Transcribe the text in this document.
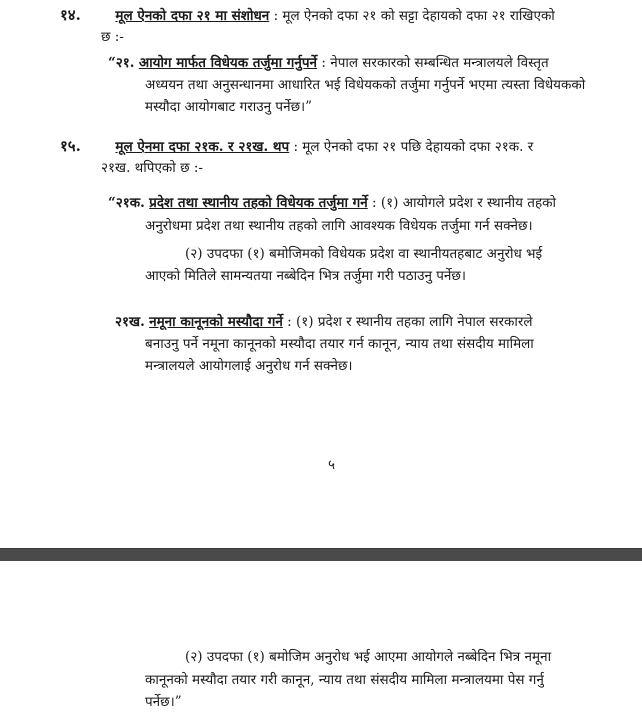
१४.	मूल ऐनको दफा २१ मा संशोधन : मूल ऐनको दफा २१ को सट्टा देहायको दफा २१ राखिएको
छ :-
“२१. आयोग मार्फत विधेयक तर्जुमा गर्नुपर्ने : नेपाल सरकारको सम्बन्धित मन्त्रालयले विस्तृत
अध्ययन तथा अनुसन्धानमा आधारित भई विधेयकको तर्जुमा गर्नुपर्ने भएमा त्यस्ता विधेयकको
मस्यौदा आयोगबाट गराउनु पर्नेछ।”
१५.	मूल ऐनमा दफा २१क. र २१ख. थप : मूल ऐनको दफा २१ पछि देहायको दफा २१क. र
२१ख. थपिएको छ :-
“२१क. प्रदेश तथा स्थानीय तहको विधेयक तर्जुमा गर्ने : (१) आयोगले प्रदेश र स्थानीय तहको
अनुरोधमा प्रदेश तथा स्थानीय तहको लागि आवश्यक विधेयक तर्जुमा गर्न सक्नेछ।
(२) उपदफा (१) बमोजिमको विधेयक प्रदेश वा स्थानीयतहबाट अनुरोध भई
आएको मितिले सामन्यतया नब्बेदिन भित्र तर्जुमा गरी पठाउनु पर्नेछ।
२१ख. नमूना कानूनको मस्यौदा गर्ने : (१) प्रदेश र स्थानीय तहका लागि नेपाल सरकारले
बनाउनु पर्ने नमूना कानूनको मस्यौदा तयार गर्न कानून, न्याय तथा संसदीय मामिला
मन्त्रालयले आयोगलाई अनुरोध गर्न सक्नेछ।
५
(२) उपदफा (१) बमोजिम अनुरोध भई आएमा आयोगले नब्बेदिन भित्र नमूना
कानूनको मस्यौदा तयार गरी कानून, न्याय तथा संसदीय मामिला मन्त्रालयमा पेस गर्नु
पर्नेछ।”
